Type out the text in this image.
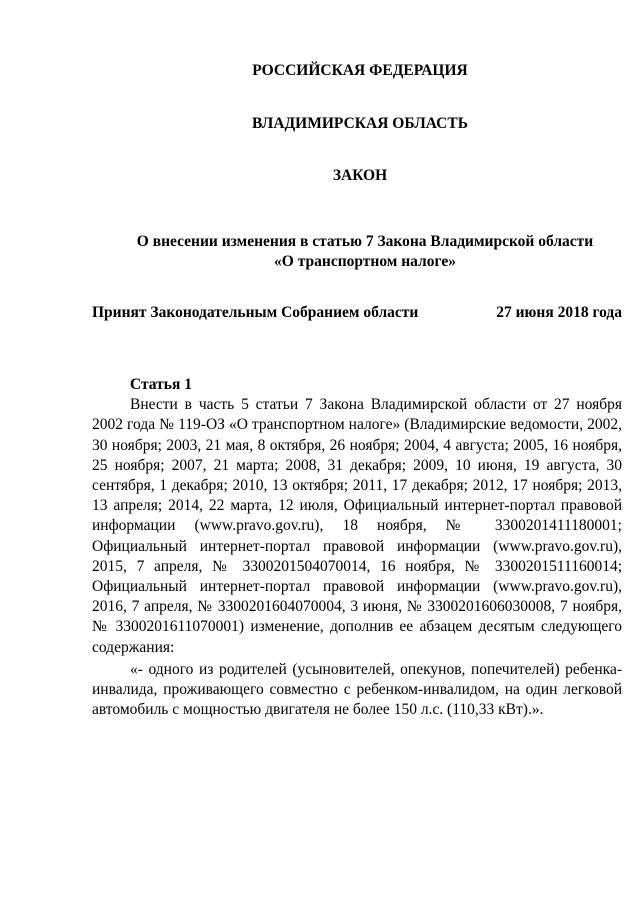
РОССИЙСКАЯ ФЕДЕРАЦИЯ

ВЛАДИМИРСКАЯ ОБЛАСТЬ

ЗАКОН

О внесении изменения в статью 7 Закона Владимирской области
«О транспортном налоге»
Принят Законодательным Собранием области	27 июня 2018 года

Статья 1

Внести в часть 5 статьи 7 Закона Владимирской области от 27 ноября 2002 года № 119-ОЗ «О транспортном налоге» (Владимирские ведомости, 2002, 30 ноября; 2003, 21 мая, 8 октября, 26 ноября; 2004, 4 августа; 2005, 16 ноября, 25 ноября; 2007, 21 марта; 2008, 31 декабря; 2009, 10 июня, 19 августа, 30 сентября, 1 декабря; 2010, 13 октября; 2011, 17 декабря; 2012, 17 ноября; 2013, 13 апреля; 2014, 22 марта, 12 июля, Официальный интернет-портал правовой информации (www.pravo.gov.ru), 18 ноября, № 3300201411180001; Официальный интернет-портал правовой информации (www.pravo.gov.ru), 2015, 7 апреля, № 3300201504070014, 16 ноября, № 3300201511160014; Официальный интернет-портал правовой информации (www.pravo.gov.ru), 2016, 7 апреля, № 3300201604070004, 3 июня, № 3300201606030008, 7 ноября, № 3300201611070001) изменение, дополнив ее абзацем десятым следующего содержания:

«- одного из родителей (усыновителей, опекунов, попечителей) ребенка-инвалида, проживающего совместно с ребенком-инвалидом, на один легковой автомобиль с мощностью двигателя не более 150 л.с. (110,33 кВт).».
